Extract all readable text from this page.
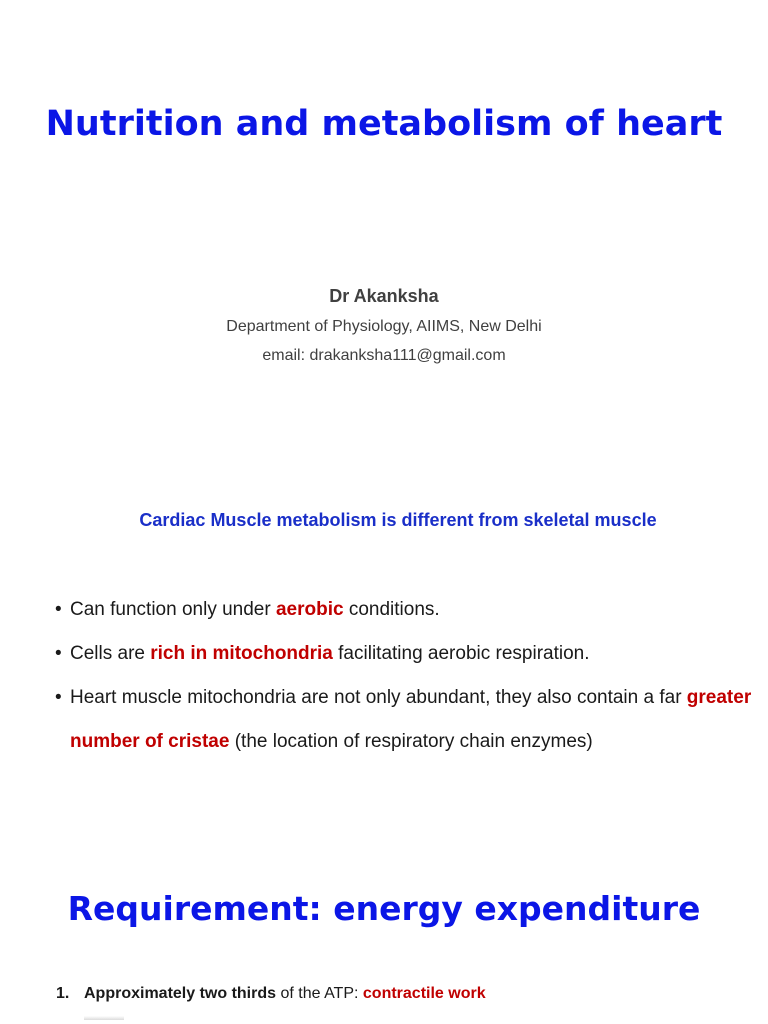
Nutrition and metabolism of heart
Dr Akanksha
Department of Physiology, AIIMS, New Delhi
email: drakanksha111@gmail.com
Cardiac Muscle metabolism is different from skeletal muscle
• Can function only under aerobic conditions.
• Cells are rich in mitochondria facilitating aerobic respiration.
• Heart muscle mitochondria are not only abundant, they also contain a far greater number of cristae (the location of respiratory chain enzymes)
Requirement: energy expenditure
1. Approximately two thirds of the ATP: contractile work
